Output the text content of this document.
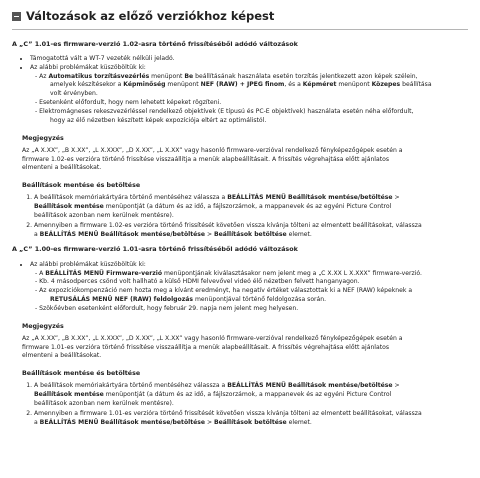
Változások az előző verziókhoz képest
A „C” 1.01-es firmware-verzió 1.02-asra történő frissítéséből adódó változások
• Támogatottá vált a WT-7 vezeték nélküli jeladó.
• Az alábbi problémákat küszöböltük ki:
- Az Automatikus torzításvezérlés menüpont Be beállításának használata esetén torzítás jelentkezett azon képek szélein,
amelyek készítésekor a Képminőség menüpont NEF (RAW) + JPEG finom, és a Képméret menüpont Közepes beállítása
volt érvényben.
- Esetenként előfordult, hogy nem lehetett képeket rögzíteni.
- Elektromágneses rekeszvezérléssel rendelkező objektívek (E típusú és PC-E objektívek) használata esetén néha előfordult,
hogy az élő nézetben készített képek expozíciója eltért az optimálistól.
Megjegyzés
Az „A X.XX”, „B X.XX”, „L X.XXX”, „D X.XX”, „L X.XX” vagy hasonló firmware-verzióval rendelkező fényképezőgépek esetén a
firmware 1.02-es verzióra történő frissítése visszaállítja a menük alapbeállításait. A frissítés végrehajtása előtt ajánlatos
elmenteni a beállításokat.
Beállítások mentése és betöltése
1. A beállítások memóriakártyára történő mentéséhez válassza a BEÁLLÍTÁS MENÜ Beállítások mentése/betöltése >
Beállítások mentése menüpontját (a dátum és az idő, a fájlszorzámok, a mappanevek és az egyéni Picture Control
beállítások azonban nem kerülnek mentésre).
2. Amennyiben a firmware 1.02-es verzióra történő frissítését követően vissza kívánja tölteni az elmentett beállításokat, válassza
a BEÁLLÍTÁS MENÜ Beállítások mentése/betöltése > Beállítások betöltése elemet.
A „C” 1.00-es firmware-verzió 1.01-asra történő frissítéséből adódó változások
• Az alábbi problémákat küszöböltük ki:
- A BEÁLLÍTÁS MENÜ Firmware-verzió menüpontjának kiválasztásakor nem jelent meg a „C X.XX L X.XXX” firmware-verzió.
- Kb. 4 másodperces csönd volt hallható a külső HDMI felvevővel videó élő nézetben felvett hanganyagon.
- Az expozíciókompenzáció nem hozta meg a kívánt eredményt, ha negatív értéket választottak ki a NEF (RAW) képeknek a
RETUSÁLÁS MENÜ NEF (RAW) feldolgozás menüpontjával történő feldolgozása során.
- Szökőévben esetenként előfordult, hogy február 29. napja nem jelent meg helyesen.
Megjegyzés
Az „A X.XX”, „B X.XX”, „L X.XXX”, „D X.XX”, „L X.XX” vagy hasonló firmware-verzióval rendelkező fényképezőgépek esetén a
firmware 1.01-es verzióra történő frissítése visszaállítja a menük alapbeállításait. A frissítés végrehajtása előtt ajánlatos
elmenteni a beállításokat.
Beállítások mentése és betöltése
1. A beállítások memóriakártyára történő mentéséhez válassza a BEÁLLÍTÁS MENÜ Beállítások mentése/betöltése >
Beállítások mentése menüpontját (a dátum és az idő, a fájlszorzámok, a mappanevek és az egyéni Picture Control
beállítások azonban nem kerülnek mentésre).
2. Amennyiben a firmware 1.01-es verzióra történő frissítését követően vissza kívánja tölteni az elmentett beállításokat, válassza
a BEÁLLÍTÁS MENÜ Beállítások mentése/betöltése > Beállítások betöltése elemet.
